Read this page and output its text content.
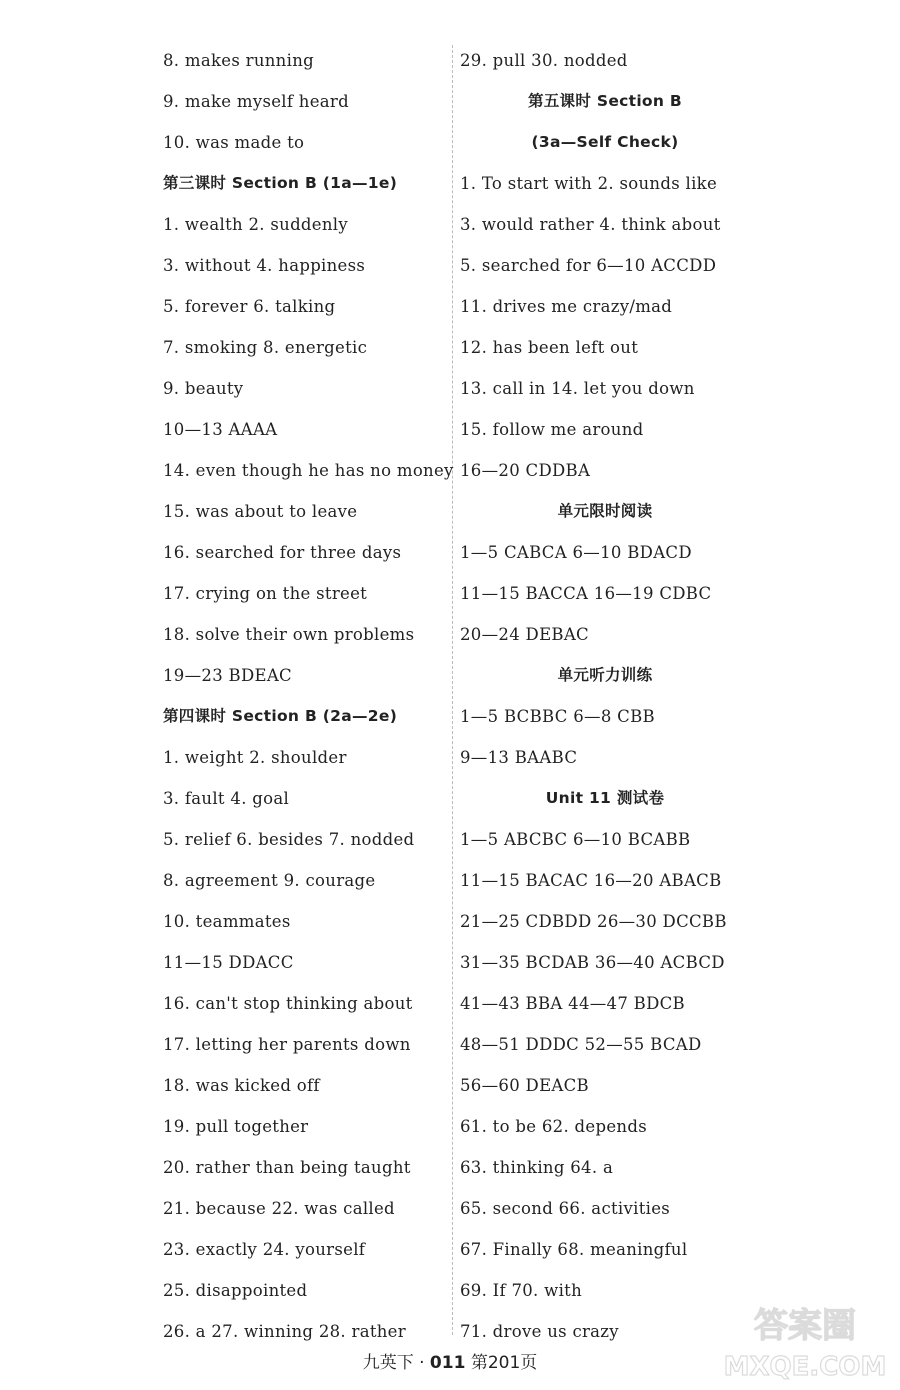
8. makes running
9. make myself heard
10. was made to
第三课时 Section B (1a—1e)
1. wealth 2. suddenly
3. without 4. happiness
5. forever 6. talking
7. smoking 8. energetic
9. beauty
10—13 AAAA
14. even though he has no money
15. was about to leave
16. searched for three days
17. crying on the street
18. solve their own problems
19—23 BDEAC
第四课时 Section B (2a—2e)
1. weight 2. shoulder
3. fault 4. goal
5. relief 6. besides 7. nodded
8. agreement 9. courage
10. teammates
11—15 DDACC
16. can't stop thinking about
17. letting her parents down
18. was kicked off
19. pull together
20. rather than being taught
21. because 22. was called
23. exactly 24. yourself
25. disappointed
26. a 27. winning 28. rather
29. pull 30. nodded
第五课时 Section B
(3a—Self Check)
1. To start with 2. sounds like
3. would rather 4. think about
5. searched for 6—10 ACCDD
11. drives me crazy/mad
12. has been left out
13. call in 14. let you down
15. follow me around
16—20 CDDBA
单元限时阅读
1—5 CABCA 6—10 BDACD
11—15 BACCA 16—19 CDBC
20—24 DEBAC
单元听力训练
1—5 BCBBC 6—8 CBB
9—13 BAABC
Unit 11 测试卷
1—5 ABCBC 6—10 BCABB
11—15 BACAC 16—20 ABACB
21—25 CDBDD 26—30 DCCBB
31—35 BCDAB 36—40 ACBCD
41—43 BBA 44—47 BDCB
48—51 DDDC 52—55 BCAD
56—60 DEACB
61. to be 62. depends
63. thinking 64. a
65. second 66. activities
67. Finally 68. meaningful
69. If 70. with
71. drove us crazy
九英下 · 011 第201页
答案圈
MXQE.COM
